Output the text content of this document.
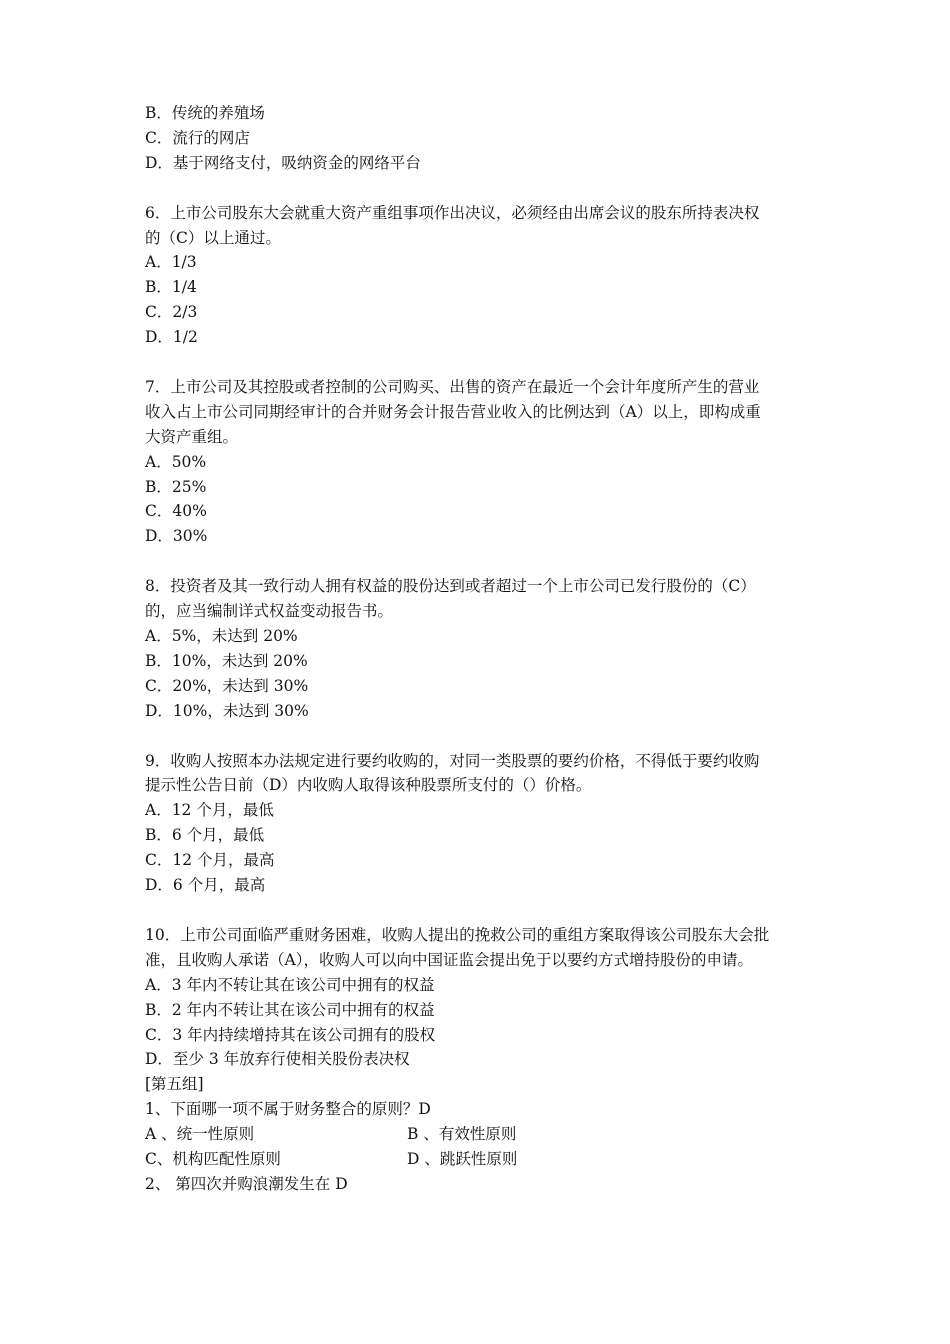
B．传统的养殖场
C．流行的网店
D．基于网络支付，吸纳资金的网络平台
6．上市公司股东大会就重大资产重组事项作出决议，必须经由出席会议的股东所持表决权
的（C）以上通过。
A．1/3
B．1/4
C．2/3
D．1/2
7．上市公司及其控股或者控制的公司购买、出售的资产在最近一个会计年度所产生的营业
收入占上市公司同期经审计的合并财务会计报告营业收入的比例达到（A）以上，即构成重
大资产重组。
A．50%
B．25%
C．40%
D．30%
8．投资者及其一致行动人拥有权益的股份达到或者超过一个上市公司已发行股份的（C）
的，应当编制详式权益变动报告书。
A．5%，未达到 20%
B．10%，未达到 20%
C．20%，未达到 30%
D．10%，未达到 30%
9．收购人按照本办法规定进行要约收购的，对同一类股票的要约价格，不得低于要约收购
提示性公告日前（D）内收购人取得该种股票所支付的（）价格。
A．12 个月，最低
B．6 个月，最低
C．12 个月，最高
D．6 个月，最高
10．上市公司面临严重财务困难，收购人提出的挽救公司的重组方案取得该公司股东大会批
准，且收购人承诺（A），收购人可以向中国证监会提出免于以要约方式增持股份的申请。
A．3 年内不转让其在该公司中拥有的权益
B．2 年内不转让其在该公司中拥有的权益
C．3 年内持续增持其在该公司拥有的股权
D．至少 3 年放弃行使相关股份表决权
[第五组]
1、下面哪一项不属于财务整合的原则？D
A 、统一性原则	B 、有效性原则
C、机构匹配性原则	D 、跳跃性原则
2、 第四次并购浪潮发生在 D
